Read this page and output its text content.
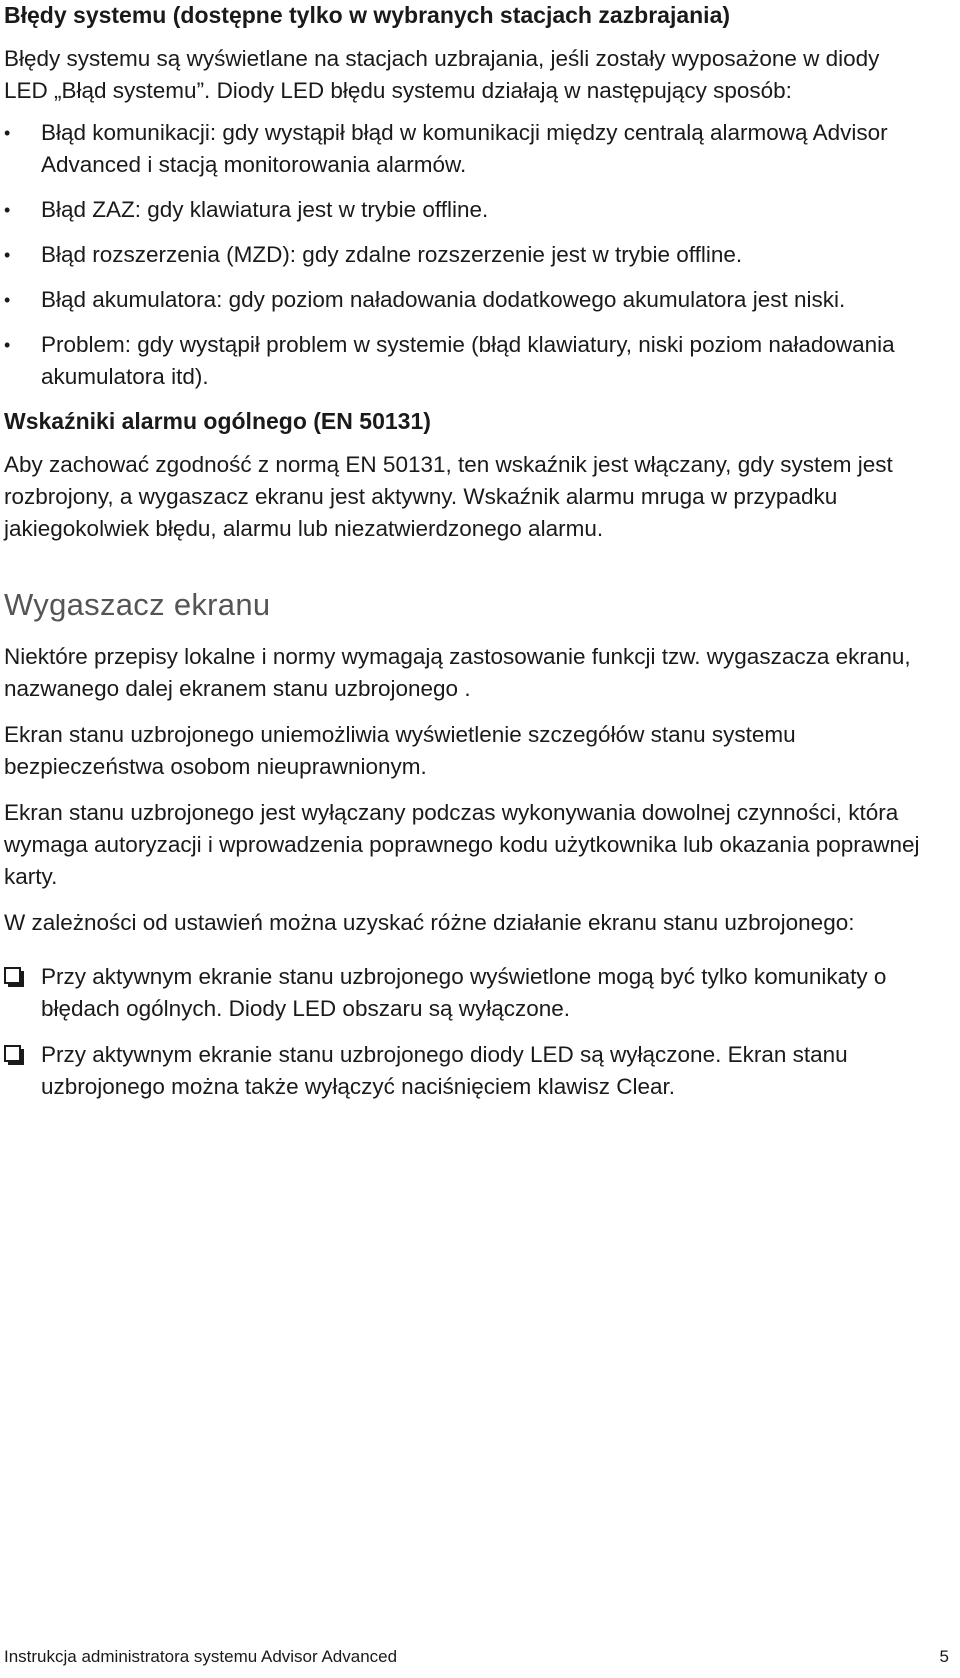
Błędy systemu (dostępne tylko w wybranych stacjach zazbrajania)

Błędy systemu są wyświetlane na stacjach uzbrajania, jeśli zostały wyposażone w diody LED „Błąd systemu”. Diody LED błędu systemu działają w następujący sposób:

•	Błąd komunikacji: gdy wystąpił błąd w komunikacji między centralą alarmową Advisor Advanced i stacją monitorowania alarmów.
•	Błąd ZAZ: gdy klawiatura jest w trybie offline.
•	Błąd rozszerzenia (MZD): gdy zdalne rozszerzenie jest w trybie offline.
•	Błąd akumulatora: gdy poziom naładowania dodatkowego akumulatora jest niski.
•	Problem: gdy wystąpił problem w systemie (błąd klawiatury, niski poziom naładowania akumulatora itd).
Wskaźniki alarmu ogólnego (EN 50131)

Aby zachować zgodność z normą EN 50131, ten wskaźnik jest włączany, gdy system jest rozbrojony, a wygaszacz ekranu jest aktywny. Wskaźnik alarmu mruga w przypadku jakiegokolwiek błędu, alarmu lub niezatwierdzonego alarmu.

Wygaszacz ekranu

Niektóre przepisy lokalne i normy wymagają zastosowanie funkcji tzw. wygaszacza ekranu, nazwanego dalej ekranem stanu uzbrojonego .

Ekran stanu uzbrojonego uniemożliwia wyświetlenie szczegółów stanu systemu bezpieczeństwa osobom nieuprawnionym.

Ekran stanu uzbrojonego jest wyłączany podczas wykonywania dowolnej czynności, która wymaga autoryzacji i wprowadzenia poprawnego kodu użytkownika lub okazania poprawnej karty.

W zależności od ustawień można uzyskać różne działanie ekranu stanu uzbrojonego:

Przy aktywnym ekranie stanu uzbrojonego wyświetlone mogą być tylko komunikaty o błędach ogólnych. Diody LED obszaru są wyłączone.
Przy aktywnym ekranie stanu uzbrojonego diody LED są wyłączone. Ekran stanu uzbrojonego można także wyłączyć naciśnięciem klawisz Clear.
Instrukcja administratora systemu Advisor Advanced	5
